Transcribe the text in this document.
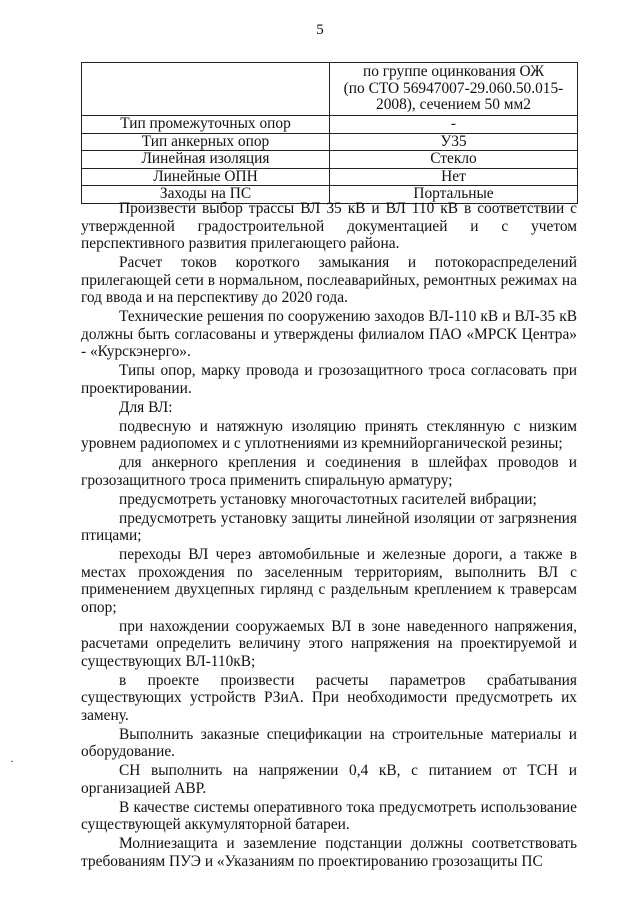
5

	по группе оцинкования ОЖ
(по СТО 56947007-29.060.50.015-
2008), сечением 50 мм2

Тип промежуточных опор	-
Тип анкерных опор	У35
Линейная изоляция	Стекло
Линейные ОПН	Нет
Заходы на ПС	Портальные

Произвести выбор трассы ВЛ 35 кВ и ВЛ 110 кВ в соответствии с утвержденной градостроительной документацией и с учетом перспективного развития прилегающего района.

Расчет токов короткого замыкания и потокораспределений прилегающей сети в нормальном, послеаварийных, ремонтных режимах на год ввода и на перспективу до 2020 года.

Технические решения по сооружению заходов ВЛ-110 кВ и ВЛ-35 кВ должны быть согласованы и утверждены филиалом ПАО «МРСК Центра» - «Курскэнерго».

Типы опор, марку провода и грозозащитного троса согласовать при проектировании.

Для ВЛ:

подвесную и натяжную изоляцию принять стеклянную с низким уровнем радиопомех и с уплотнениями из кремнийорганической резины;

для анкерного крепления и соединения в шлейфах проводов и грозозащитного троса применить спиральную арматуру;

предусмотреть установку многочастотных гасителей вибрации;

предусмотреть установку защиты линейной изоляции от загрязнения птицами;

переходы ВЛ через автомобильные и железные дороги, а также в местах прохождения по заселенным территориям, выполнить ВЛ с применением двухцепных гирлянд с раздельным креплением к траверсам опор;

при нахождении сооружаемых ВЛ в зоне наведенного напряжения, расчетами определить величину этого напряжения на проектируемой и существующих ВЛ-110кВ;

в проекте произвести расчеты параметров срабатывания существующих устройств РЗиА. При необходимости предусмотреть их замену.

Выполнить заказные спецификации на строительные материалы и оборудование.

СН выполнить на напряжении 0,4 кВ, с питанием от ТСН и организацией АВР.

В качестве системы оперативного тока предусмотреть использование существующей аккумуляторной батареи.

Молниезащита и заземление подстанции должны соответствовать требованиям ПУЭ и «Указаниям по проектированию грозозащиты ПС

·
